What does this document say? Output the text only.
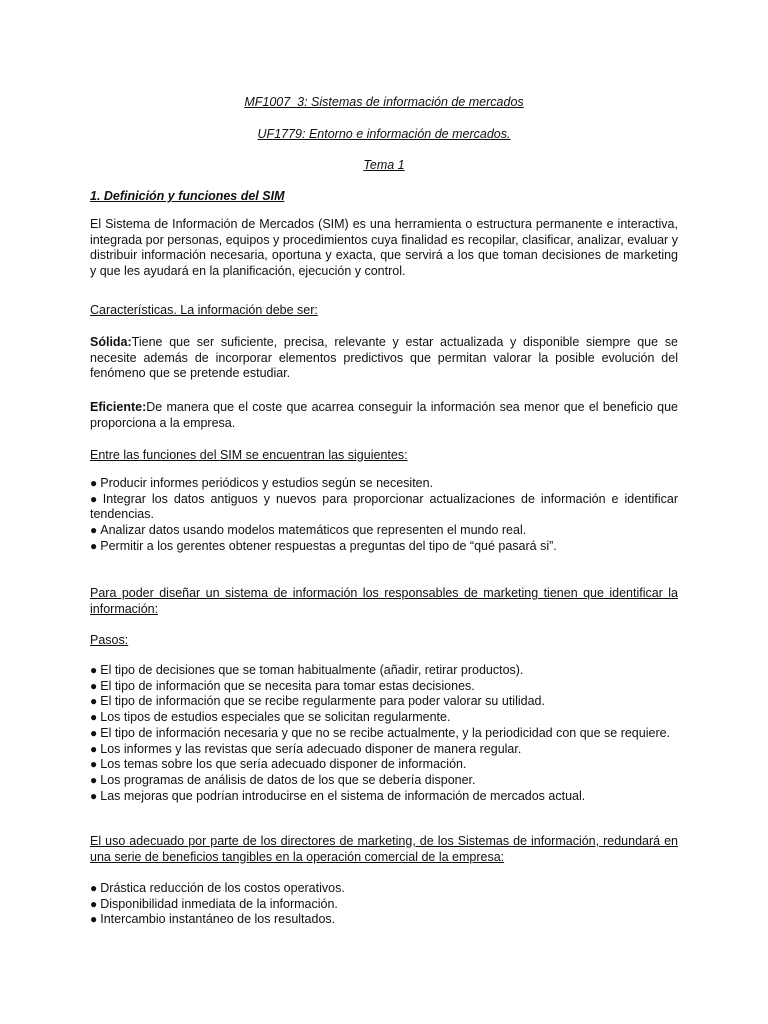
MF1007_3: Sistemas de información de mercados
UF1779: Entorno e información de mercados.
Tema 1
1. Definición y funciones del SIM
El Sistema de Información de Mercados (SIM) es una herramienta o estructura permanente e interactiva, integrada por personas, equipos y procedimientos cuya finalidad es recopilar, clasificar, analizar, evaluar y distribuir información necesaria, oportuna y exacta, que servirá a los que toman decisiones de marketing y que les ayudará en la planificación, ejecución y control.
Características. La información debe ser:
Sólida:Tiene que ser suficiente, precisa, relevante y estar actualizada y disponible siempre que se necesite además de incorporar elementos predictivos que permitan valorar la posible evolución del fenómeno que se pretende estudiar.
Eficiente:De manera que el coste que acarrea conseguir la información sea menor que el beneficio que proporciona a la empresa.
Entre las funciones del SIM se encuentran las siguientes:
● Producir informes periódicos y estudios según se necesiten.
● Integrar los datos antiguos y nuevos para proporcionar actualizaciones de información e identificar tendencias.
● Analizar datos usando modelos matemáticos que representen el mundo real.
● Permitir a los gerentes obtener respuestas a preguntas del tipo de “qué pasará si”.
Para poder diseñar un sistema de información los responsables de marketing tienen que identificar la información:
Pasos:
● El tipo de decisiones que se toman habitualmente (añadir, retirar productos).
● El tipo de información que se necesita para tomar estas decisiones.
● El tipo de información que se recibe regularmente para poder valorar su utilidad.
● Los tipos de estudios especiales que se solicitan regularmente.
● El tipo de información necesaria y que no se recibe actualmente, y la periodicidad con que se requiere.
● Los informes y las revistas que sería adecuado disponer de manera regular.
● Los temas sobre los que sería adecuado disponer de información.
● Los programas de análisis de datos de los que se debería disponer.
● Las mejoras que podrían introducirse en el sistema de información de mercados actual.
El uso adecuado por parte de los directores de marketing, de los Sistemas de información, redundará en una serie de beneficios tangibles en la operación comercial de la empresa:
● Drástica reducción de los costos operativos.
● Disponibilidad inmediata de la información.
● Intercambio instantáneo de los resultados.
